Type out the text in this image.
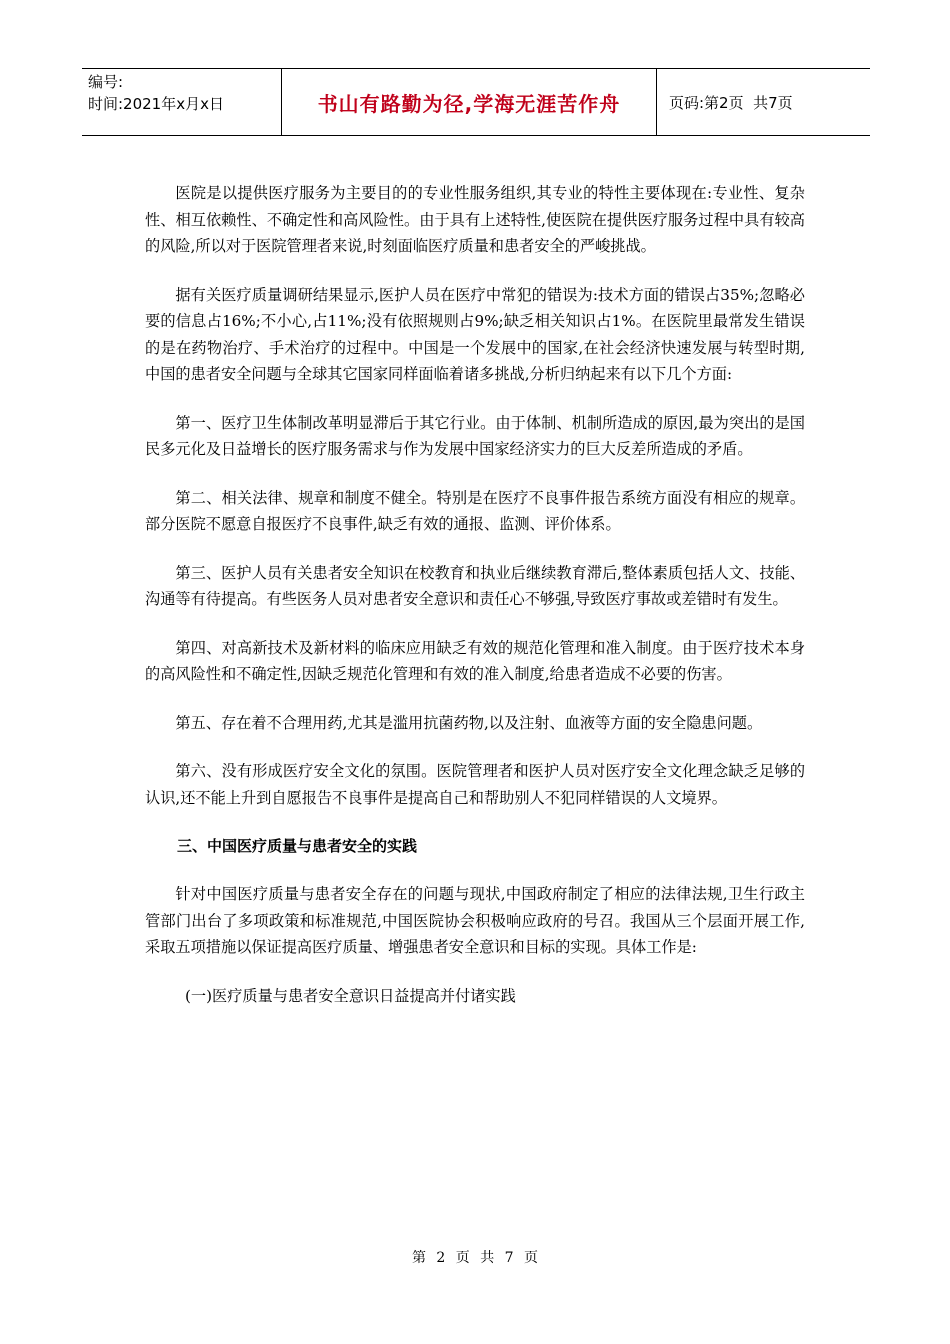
编号:
时间:2021年x月x日	书山有路勤为径,学海无涯苦作舟	页码:第2页  共7页

医院是以提供医疗服务为主要目的的专业性服务组织,其专业的特性主要体现在:专业性、复杂性、相互依赖性、不确定性和高风险性。由于具有上述特性,使医院在提供医疗服务过程中具有较高的风险,所以对于医院管理者来说,时刻面临医疗质量和患者安全的严峻挑战。

据有关医疗质量调研结果显示,医护人员在医疗中常犯的错误为:技术方面的错误占35%;忽略必要的信息占16%;不小心,占11%;没有依照规则占9%;缺乏相关知识占1%。在医院里最常发生错误的是在药物治疗、手术治疗的过程中。中国是一个发展中的国家,在社会经济快速发展与转型时期,中国的患者安全问题与全球其它国家同样面临着诸多挑战,分析归纳起来有以下几个方面:

第一、医疗卫生体制改革明显滞后于其它行业。由于体制、机制所造成的原因,最为突出的是国民多元化及日益增长的医疗服务需求与作为发展中国家经济实力的巨大反差所造成的矛盾。

第二、相关法律、规章和制度不健全。特别是在医疗不良事件报告系统方面没有相应的规章。部分医院不愿意自报医疗不良事件,缺乏有效的通报、监测、评价体系。

第三、医护人员有关患者安全知识在校教育和执业后继续教育滞后,整体素质包括人文、技能、沟通等有待提高。有些医务人员对患者安全意识和责任心不够强,导致医疗事故或差错时有发生。

第四、对高新技术及新材料的临床应用缺乏有效的规范化管理和准入制度。由于医疗技术本身的高风险性和不确定性,因缺乏规范化管理和有效的准入制度,给患者造成不必要的伤害。

第五、存在着不合理用药,尤其是滥用抗菌药物,以及注射、血液等方面的安全隐患问题。

第六、没有形成医疗安全文化的氛围。医院管理者和医护人员对医疗安全文化理念缺乏足够的认识,还不能上升到自愿报告不良事件是提高自己和帮助别人不犯同样错误的人文境界。

三、中国医疗质量与患者安全的实践

针对中国医疗质量与患者安全存在的问题与现状,中国政府制定了相应的法律法规,卫生行政主管部门出台了多项政策和标准规范,中国医院协会积极响应政府的号召。我国从三个层面开展工作,采取五项措施以保证提高医疗质量、增强患者安全意识和目标的实现。具体工作是:

(一)医疗质量与患者安全意识日益提高并付诸实践
第 2 页 共 7 页
